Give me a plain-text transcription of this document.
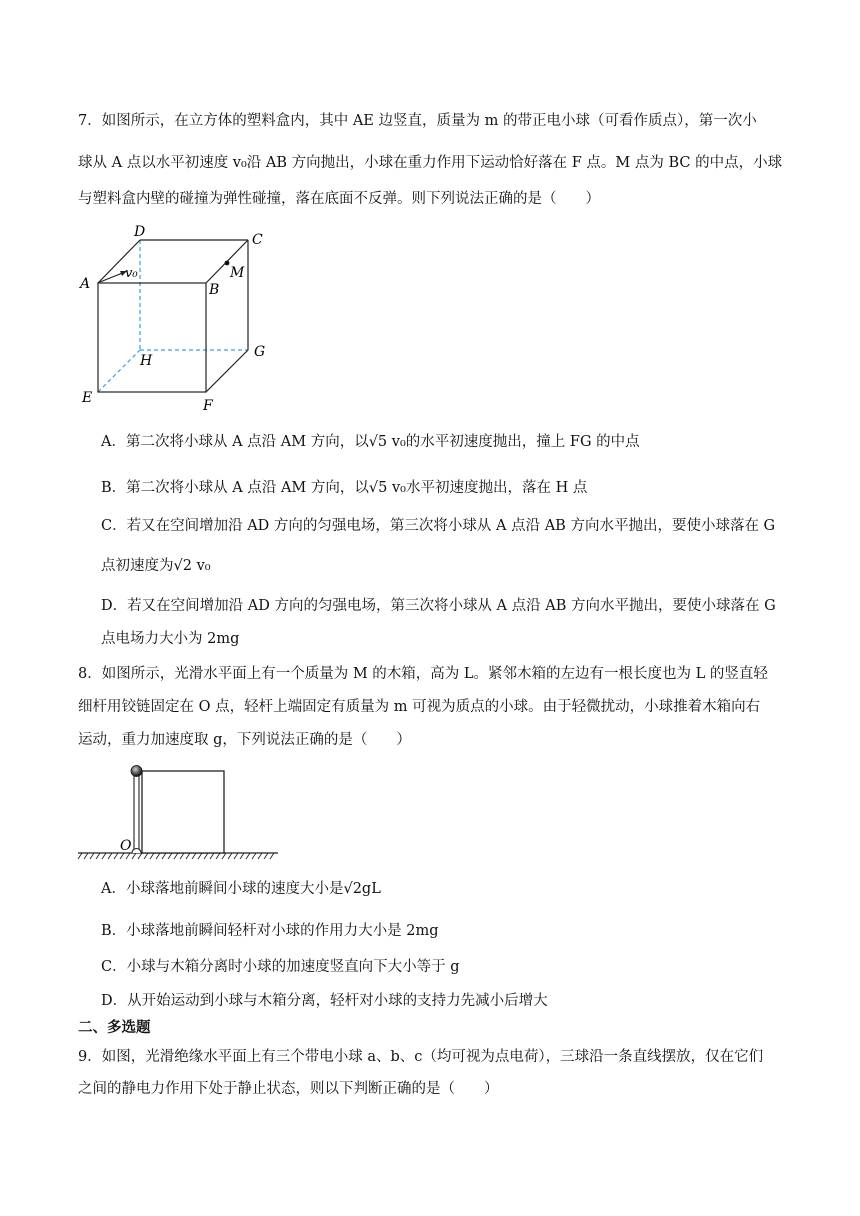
7．如图所示，在立方体的塑料盒内，其中 AE 边竖直，质量为 m 的带正电小球（可看作质点），第一次小
球从 A 点以水平初速度 v₀沿 AB 方向抛出，小球在重力作用下运动恰好落在 F 点。M 点为 BC 的中点，小球
与塑料盒内壁的碰撞为弹性碰撞，落在底面不反弹。则下列说法正确的是（　　）
D	C
A	B
M
v₀
H
G
E	F
A．第二次将小球从 A 点沿 AM 方向，以√5 v₀的水平初速度抛出，撞上 FG 的中点
B．第二次将小球从 A 点沿 AM 方向，以√5 v₀水平初速度抛出，落在 H 点
C．若又在空间增加沿 AD 方向的匀强电场，第三次将小球从 A 点沿 AB 方向水平抛出，要使小球落在 G
点初速度为√2 v₀
D．若又在空间增加沿 AD 方向的匀强电场，第三次将小球从 A 点沿 AB 方向水平抛出，要使小球落在 G
点电场力大小为 2mg
8．如图所示，光滑水平面上有一个质量为 M 的木箱，高为 L。紧邻木箱的左边有一根长度也为 L 的竖直轻
细杆用铰链固定在 O 点，轻杆上端固定有质量为 m 可视为质点的小球。由于轻微扰动，小球推着木箱向右
运动，重力加速度取 g，下列说法正确的是（　　）
O
A．小球落地前瞬间小球的速度大小是√2gL
B．小球落地前瞬间轻杆对小球的作用力大小是 2mg
C．小球与木箱分离时小球的加速度竖直向下大小等于 g
D．从开始运动到小球与木箱分离，轻杆对小球的支持力先减小后增大
二、多选题
9．如图，光滑绝缘水平面上有三个带电小球 a、b、c（均可视为点电荷），三球沿一条直线摆放，仅在它们
之间的静电力作用下处于静止状态，则以下判断正确的是（　　）
